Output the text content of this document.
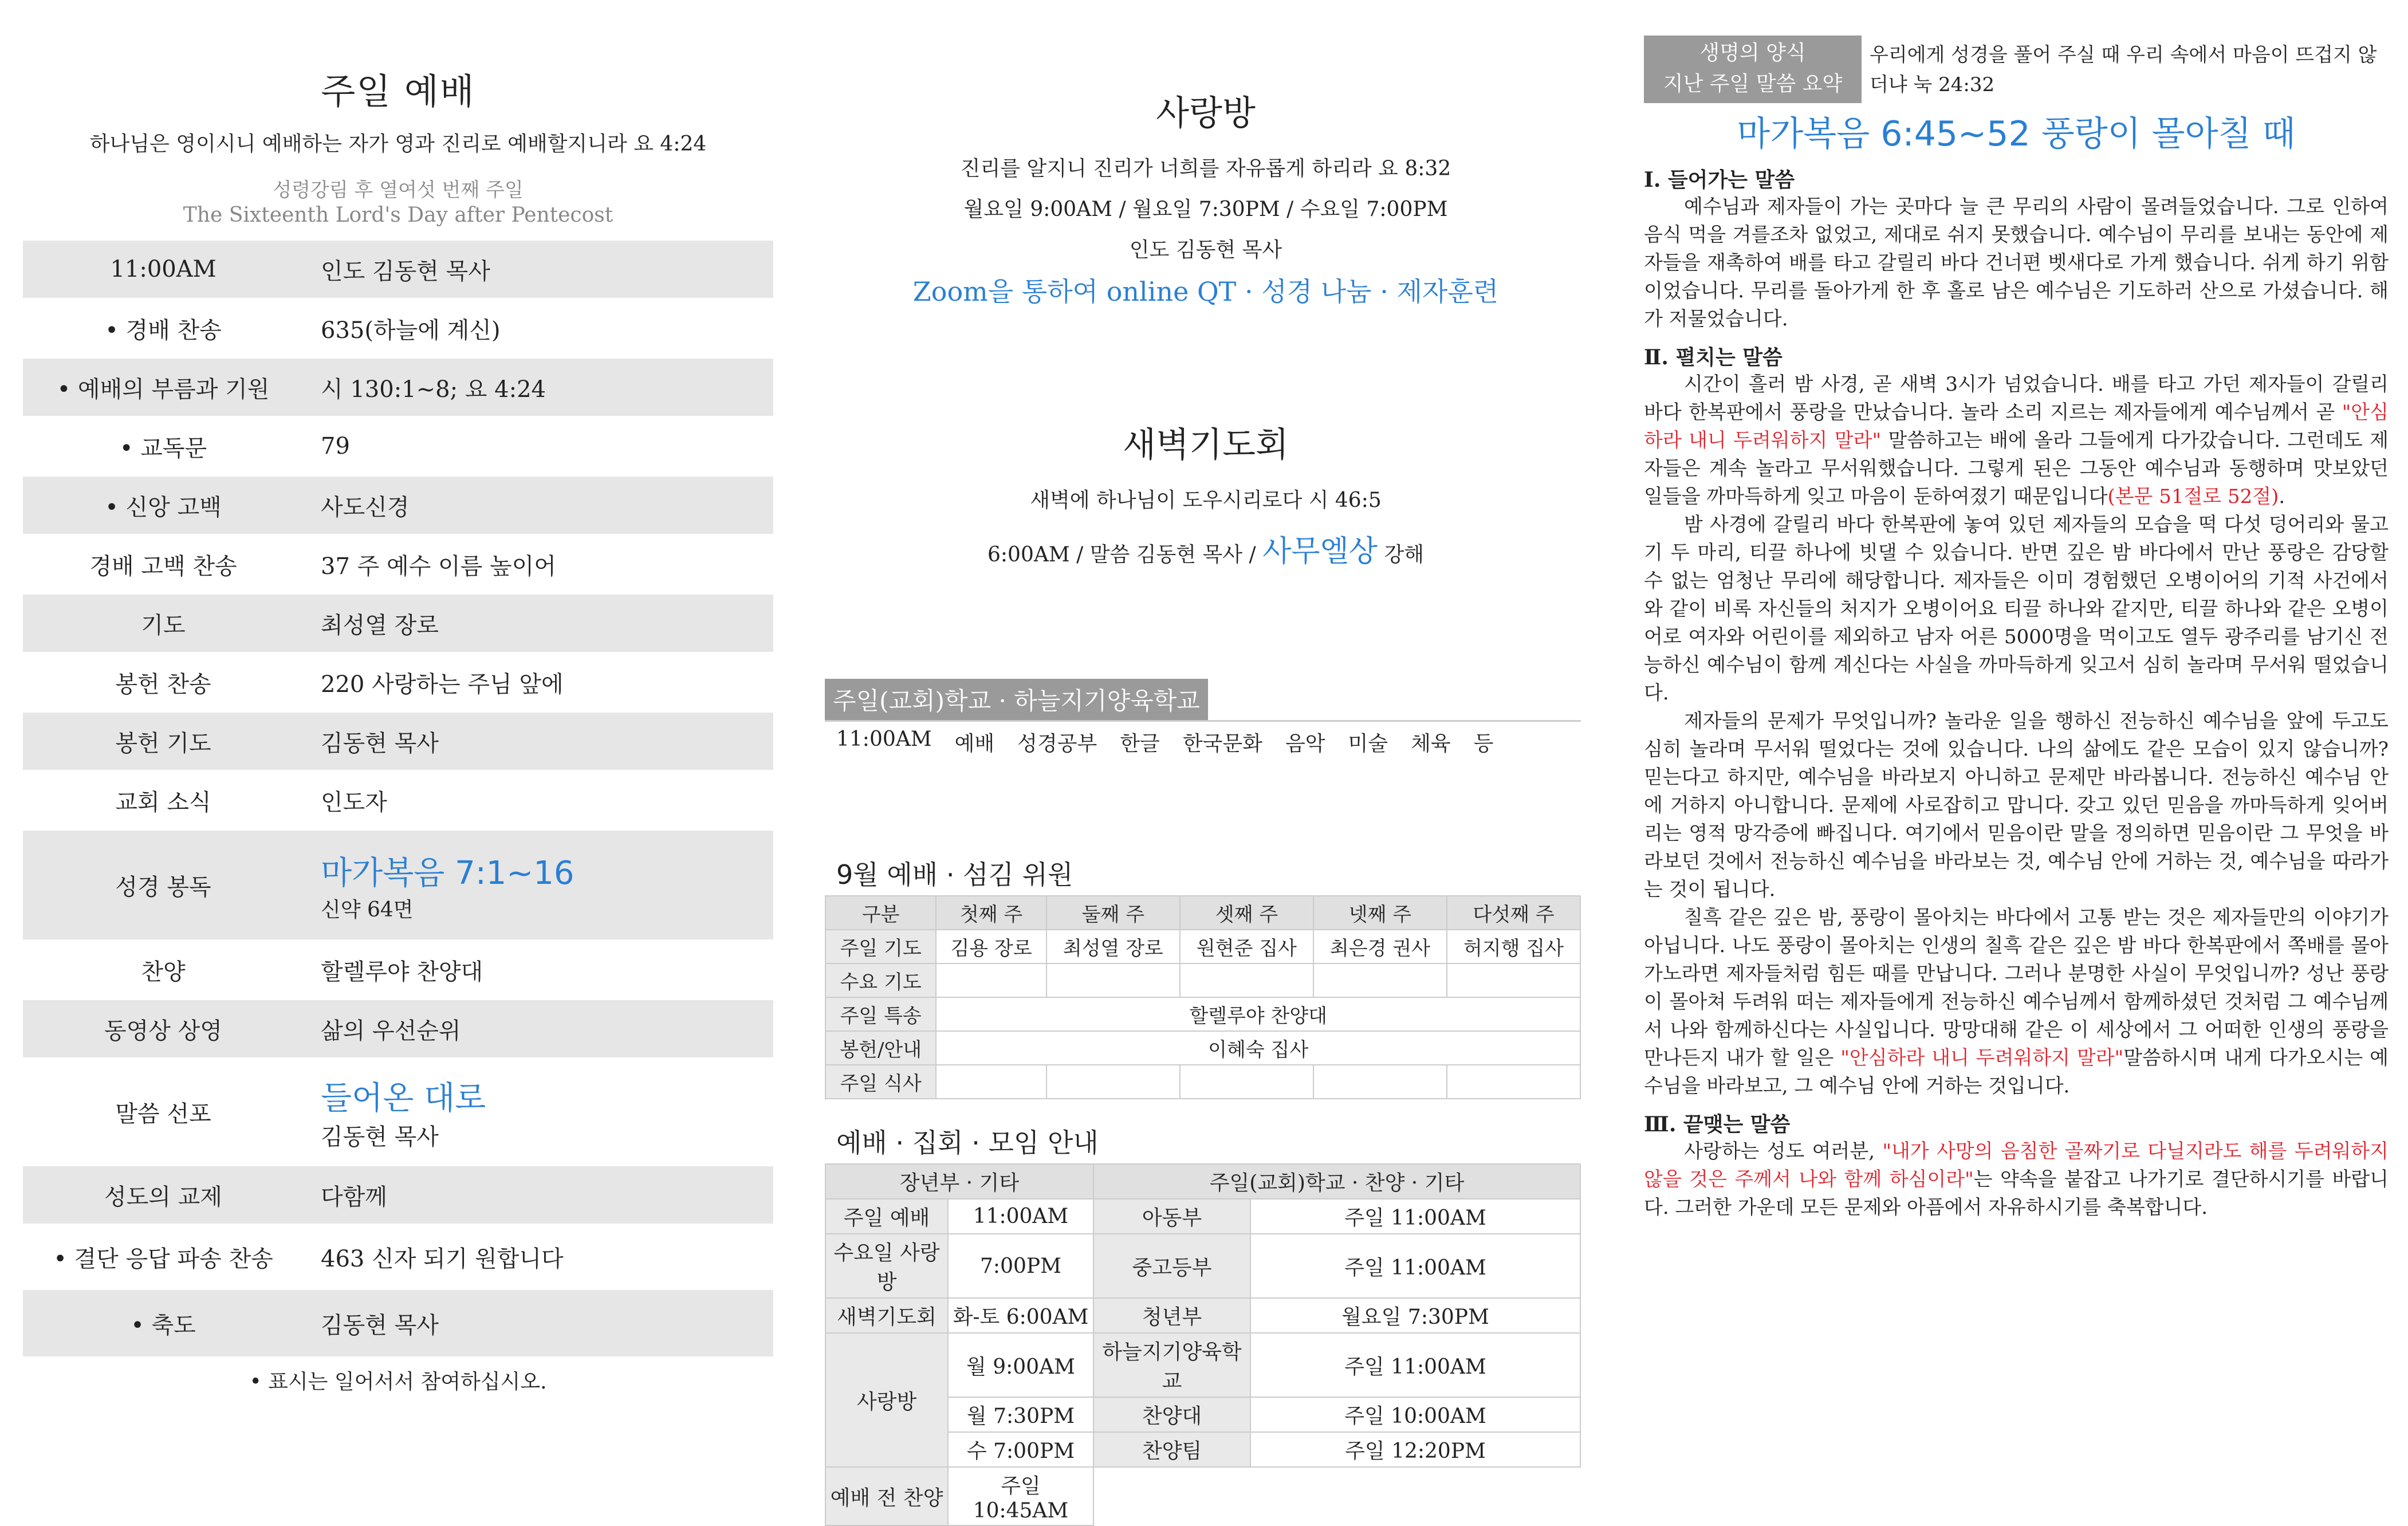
주일 예배
하나님은 영이시니 예배하는 자가 영과 진리로 예배할지니라 요 4:24
성령강림 후 열여섯 번째 주일
The Sixteenth Lord's Day after Pentecost
11:00AM	인도 김동현 목사
• 경배 찬송	635(하늘에 계신)
• 예배의 부름과 기원	시 130:1~8; 요 4:24
• 교독문	79
• 신앙 고백	사도신경
경배 고백 찬송	37 주 예수 이름 높이어
기도	최성열 장로
봉헌 찬송	220 사랑하는 주님 앞에
봉헌 기도	김동현 목사
교회 소식	인도자
성경 봉독	마가복음 7:1~16
신약 64면
찬양	할렐루야 찬양대
동영상 상영	삶의 우선순위
말씀 선포	들어온 대로
김동현 목사
성도의 교제	다함께
• 결단 응답 파송 찬송	463 신자 되기 원합니다
• 축도	김동현 목사
• 표시는 일어서서 참여하십시오.
사랑방
진리를 알지니 진리가 너희를 자유롭게 하리라 요 8:32
월요일 9:00AM / 월요일 7:30PM / 수요일 7:00PM
인도 김동현 목사
Zoom을 통하여 online QT · 성경 나눔 · 제자훈련
새벽기도회
새벽에 하나님이 도우시리로다 시 46:5
6:00AM / 말씀 김동현 목사 / 사무엘상 강해
주일(교회)학교 · 하늘지기양육학교
11:00AM 예배 성경공부 한글 한국문화 음악 미술 체육 등
9월 예배 · 섬김 위원
구분	첫째 주	둘째 주	셋째 주	넷째 주	다섯째 주
주일 기도	김용 장로	최성열 장로	원현준 집사	최은경 권사	허지행 집사
수요 기도					
주일 특송	할렐루야 찬양대				
봉헌/안내	이혜숙 집사				
주일 식사					
예배 · 집회 · 모임 안내
장년부 · 기타		주일(교회)학교 · 찬양 · 기타	
주일 예배	11:00AM	아동부	주일 11:00AM
수요일 사랑방	7:00PM	중고등부	주일 11:00AM
새벽기도회	화-토 6:00AM	청년부	월요일 7:30PM
사랑방	월 9:00AM	하늘지기양육학교	주일 11:00AM
	월 7:30PM	찬양대	주일 10:00AM
	수 7:00PM	찬양팀	주일 12:20PM
예배 전 찬양	주일 10:45AM		
생명의 양식
지난 주일 말씀 요약
우리에게 성경을 풀어 주실 때 우리 속에서 마음이 뜨겁지 않더냐 눅 24:32
마가복음 6:45~52 풍랑이 몰아칠 때
Ⅰ. 들어가는 말씀

예수님과 제자들이 가는 곳마다 늘 큰 무리의 사람이 몰려들었습니다. 그로 인하여 음식 먹을 겨를조차 없었고, 제대로 쉬지 못했습니다. 예수님이 무리를 보내는 동안에 제자들을 재촉하여 배를 타고 갈릴리 바다 건너편 벳새다로 가게 했습니다. 쉬게 하기 위함이었습니다. 무리를 돌아가게 한 후 홀로 남은 예수님은 기도하러 산으로 가셨습니다. 해가 저물었습니다.

Ⅱ. 펼치는 말씀

시간이 흘러 밤 사경, 곧 새벽 3시가 넘었습니다. 배를 타고 가던 제자들이 갈릴리 바다 한복판에서 풍랑을 만났습니다. 놀라 소리 지르는 제자들에게 예수님께서 곧 "안심하라 내니 두려워하지 말라" 말씀하고는 배에 올라 그들에게 다가갔습니다. 그런데도 제자들은 계속 놀라고 무서워했습니다. 그렇게 된은 그동안 예수님과 동행하며 맛보았던 일들을 까마득하게 잊고 마음이 둔하여졌기 때문입니다(본문 51절로 52절).

밤 사경에 갈릴리 바다 한복판에 놓여 있던 제자들의 모습을 떡 다섯 덩어리와 물고기 두 마리, 티끌 하나에 빗댈 수 있습니다. 반면 깊은 밤 바다에서 만난 풍랑은 감당할 수 없는 엄청난 무리에 해당합니다. 제자들은 이미 경험했던 오병이어의 기적 사건에서와 같이 비록 자신들의 처지가 오병이어요 티끌 하나와 같지만, 티끌 하나와 같은 오병이어로 여자와 어린이를 제외하고 남자 어른 5000명을 먹이고도 열두 광주리를 남기신 전능하신 예수님이 함께 계신다는 사실을 까마득하게 잊고서 심히 놀라며 무서워 떨었습니다.

제자들의 문제가 무엇입니까? 놀라운 일을 행하신 전능하신 예수님을 앞에 두고도 심히 놀라며 무서워 떨었다는 것에 있습니다. 나의 삶에도 같은 모습이 있지 않습니까? 믿는다고 하지만, 예수님을 바라보지 아니하고 문제만 바라봅니다. 전능하신 예수님 안에 거하지 아니합니다. 문제에 사로잡히고 맙니다. 갖고 있던 믿음을 까마득하게 잊어버리는 영적 망각증에 빠집니다. 여기에서 믿음이란 말을 정의하면 믿음이란 그 무엇을 바라보던 것에서 전능하신 예수님을 바라보는 것, 예수님 안에 거하는 것, 예수님을 따라가는 것이 됩니다.

칠흑 같은 깊은 밤, 풍랑이 몰아치는 바다에서 고통 받는 것은 제자들만의 이야기가 아닙니다. 나도 풍랑이 몰아치는 인생의 칠흑 같은 깊은 밤 바다 한복판에서 쪽배를 몰아가노라면 제자들처럼 힘든 때를 만납니다. 그러나 분명한 사실이 무엇입니까? 성난 풍랑이 몰아쳐 두려워 떠는 제자들에게 전능하신 예수님께서 함께하셨던 것처럼 그 예수님께서 나와 함께하신다는 사실입니다. 망망대해 같은 이 세상에서 그 어떠한 인생의 풍랑을 만나든지 내가 할 일은 "안심하라 내니 두려워하지 말라"말씀하시며 내게 다가오시는 예수님을 바라보고, 그 예수님 안에 거하는 것입니다.

Ⅲ. 끝맺는 말씀

사랑하는 성도 여러분, "내가 사망의 음침한 골짜기로 다닐지라도 해를 두려워하지 않을 것은 주께서 나와 함께 하심이라"는 약속을 붙잡고 나가기로 결단하시기를 바랍니다. 그러한 가운데 모든 문제와 아픔에서 자유하시기를 축복합니다.
